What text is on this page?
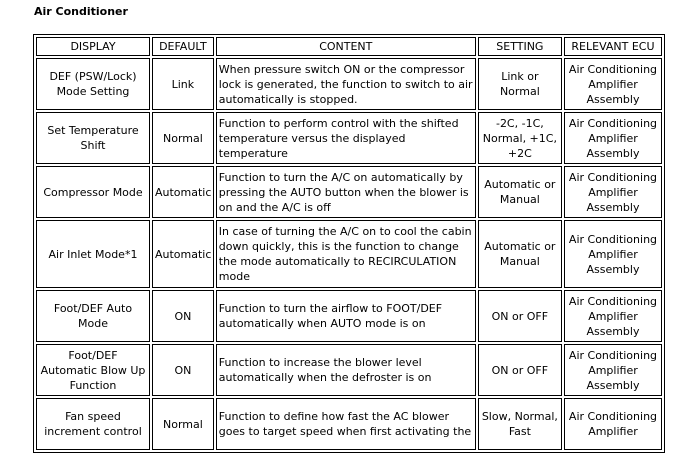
Air Conditioner
DISPLAY	DEFAULT	CONTENT	SETTING	RELEVANT ECU
DEF (PSW/Lock) Mode Setting	Link	When pressure switch ON or the compressor lock is generated, the function to switch to air automatically is stopped.	Link or Normal	Air Conditioning Amplifier Assembly
Set Temperature Shift	Normal	Function to perform control with the shifted temperature versus the displayed temperature	-2C, -1C, Normal, +1C, +2C	Air Conditioning Amplifier Assembly
Compressor Mode	Automatic	Function to turn the A/C on automatically by pressing the AUTO button when the blower is on and the A/C is off	Automatic or Manual	Air Conditioning Amplifier Assembly
Air Inlet Mode*1	Automatic	In case of turning the A/C on to cool the cabin down quickly, this is the function to change the mode automatically to RECIRCULATION mode	Automatic or Manual	Air Conditioning Amplifier Assembly
Foot/DEF Auto Mode	ON	Function to turn the airflow to FOOT/DEF automatically when AUTO mode is on	ON or OFF	Air Conditioning Amplifier Assembly
Foot/DEF Automatic Blow Up Function	ON	Function to increase the blower level automatically when the defroster is on	ON or OFF	Air Conditioning Amplifier Assembly
Fan speed increment control	Normal	Function to define how fast the AC blower goes to target speed when first activating the	Slow, Normal, Fast	Air Conditioning Amplifier
